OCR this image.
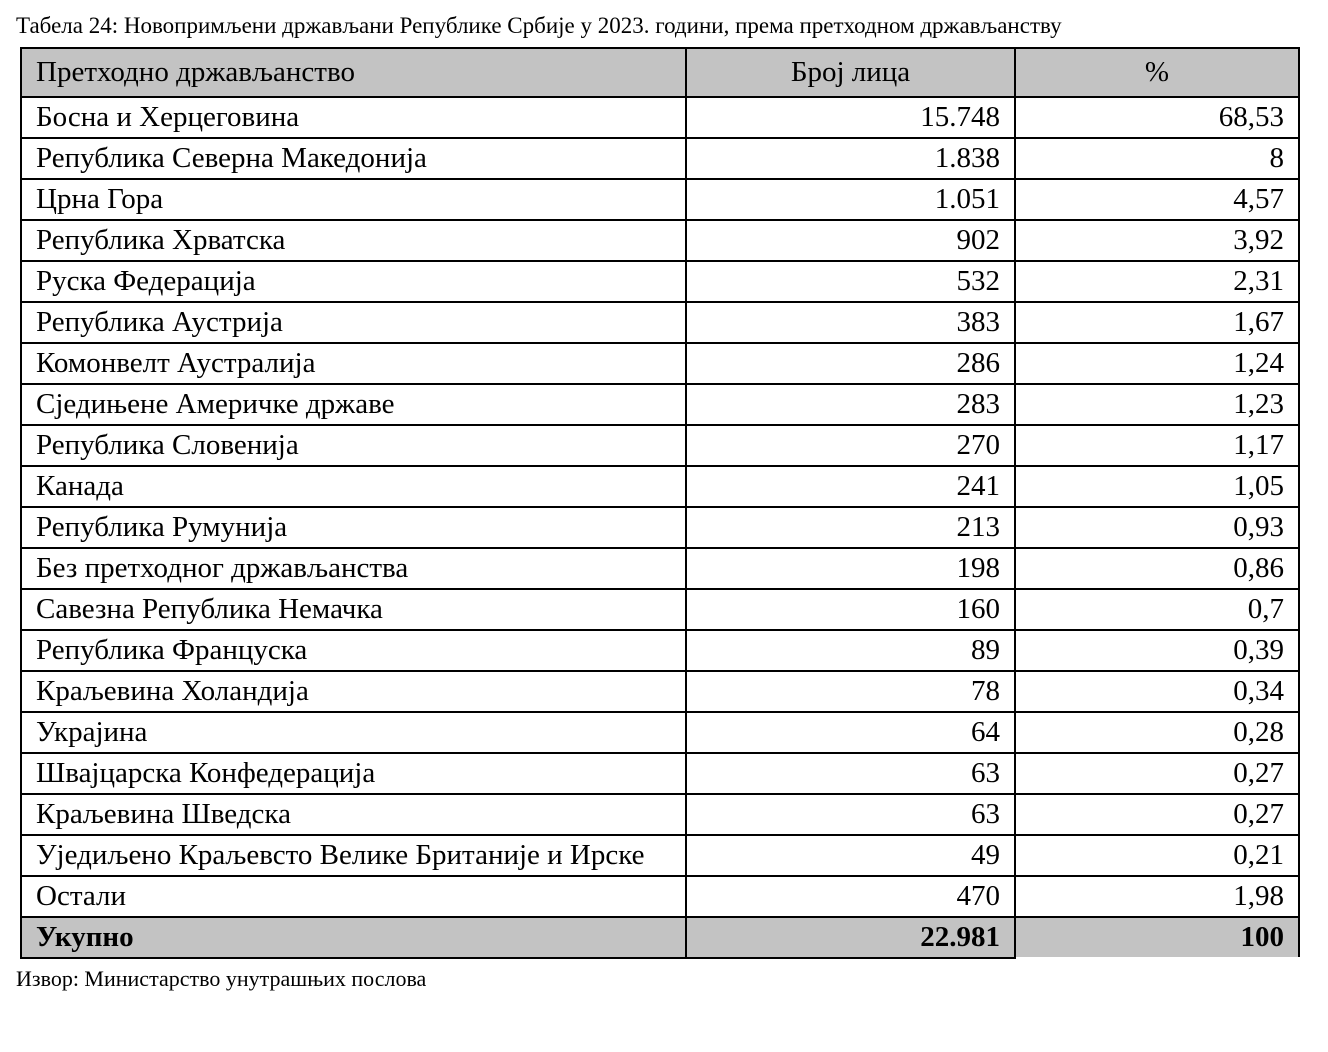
Табела 24: Новопримљени држављани Републике Србије у 2023. години, према претходном држављанству
Претходно држављанство	Број лица	%
Босна и Херцеговина	15.748	68,53
Република Северна Македонија	1.838	8
Црна Гора	1.051	4,57
Република Хрватска	902	3,92
Руска Федерација	532	2,31
Република Аустрија	383	1,67
Комонвелт Аустралија	286	1,24
Сједињене Америчке државе	283	1,23
Република Словенија	270	1,17
Канада	241	1,05
Република Румунија	213	0,93
Без претходног држављанства	198	0,86
Савезна Република Немачка	160	0,7
Република Француска	89	0,39
Краљевина Холандија	78	0,34
Украјина	64	0,28
Швајцарска Конфедерација	63	0,27
Краљевина Шведска	63	0,27
Уједиљено Краљевсто Велике Британије и Ирске	49	0,21
Остали	470	1,98
Укупно	22.981	100
Извор: Министарство унутрашњих послова
